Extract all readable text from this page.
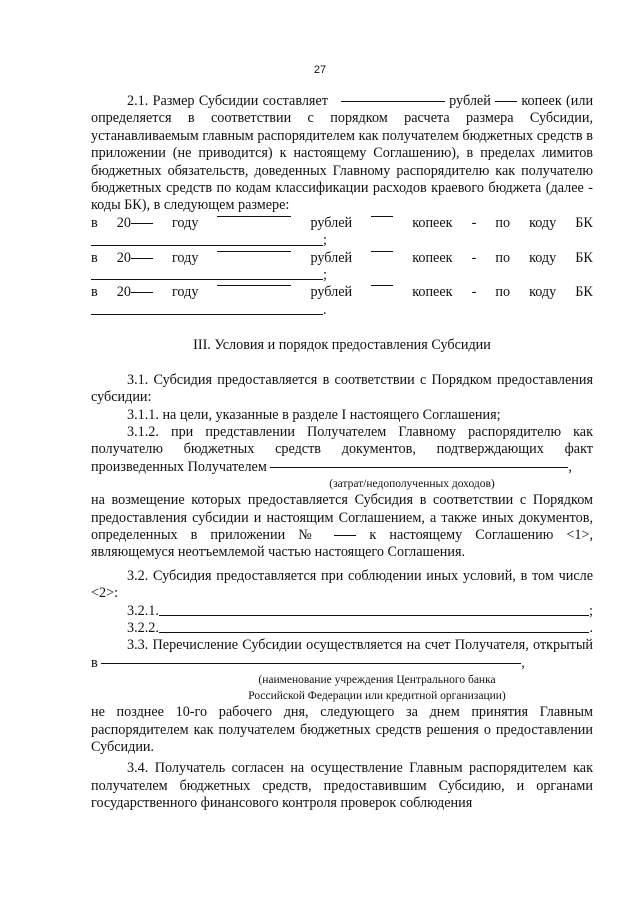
27

2.1. Размер Субсидии составляет	рублей копеек (или определяется в соответствии с порядком расчета размера Субсидии, устанавливаемым главным распорядителем как получателем бюджетных средств в приложении (не приводится) к настоящему Соглашению), в пределах лимитов бюджетных обязательств, доведенных Главному распорядителю как получателю бюджетных средств по кодам классификации расходов краевого бюджета (далее - коды БК), в следующем размере:

в 20	году	рублей	копеек - по коду БК
;
в 20	году	рублей	копеек - по коду БК
;
в 20	году	рублей	копеек - по коду БК
.
III. Условия и порядок предоставления Субсидии

3.1. Субсидия предоставляется в соответствии с Порядком предоставления субсидии:

3.1.1. на цели, указанные в разделе I настоящего Соглашения;

3.1.2. при представлении Получателем Главному распорядителю как получателю бюджетных средств документов, подтверждающих факт произведенных Получателем	,

(затрат/недополученных доходов)

на возмещение которых предоставляется Субсидия в соответствии с Порядком предоставления субсидии и настоящим Соглашением, а также иных документов, определенных в приложении №	к настоящему Соглашению <1>, являющемуся неотъемлемой частью настоящего Соглашения.

3.2. Субсидия предоставляется при соблюдении иных условий, в том числе <2>:

3.2.1.	;
3.2.2.	.

3.3. Перечисление Субсидии осуществляется на счет Получателя, открытый в	,

(наименование учреждения Центрального банка
Российской Федерации или кредитной организации)

не позднее 10-го рабочего дня, следующего за днем принятия Главным распорядителем как получателем бюджетных средств решения о предоставлении Субсидии.

3.4. Получатель согласен на осуществление Главным распорядителем как получателем бюджетных средств, предоставившим Субсидию, и органами государственного финансового контроля проверок соблюдения
